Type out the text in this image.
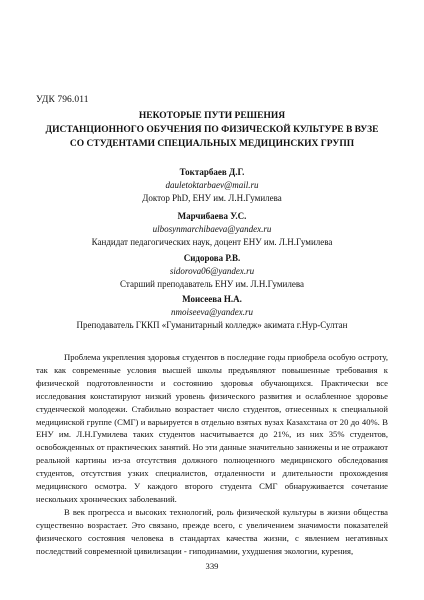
УДК 796.011
НЕКОТОРЫЕ ПУТИ РЕШЕНИЯ
ДИСТАНЦИОННОГО ОБУЧЕНИЯ ПО ФИЗИЧЕСКОЙ КУЛЬТУРЕ В ВУЗЕ
СО СТУДЕНТАМИ СПЕЦИАЛЬНЫХ МЕДИЦИНСКИХ ГРУПП
Токтарбаев Д.Г.
dauletoktarbaev@mail.ru
Доктор PhD, ЕНУ им. Л.Н.Гумилева
Марчибаева У.С.
ulbosynmarchibaeva@yandex.ru
Кандидат педагогических наук, доцент ЕНУ им. Л.Н.Гумилева
Сидорова Р.В.
sidorova06@yandex.ru
Старший преподаватель ЕНУ им. Л.Н.Гумилева
Моисеева Н.А.
nmoiseeva@yandex.ru
Преподаватель ГККП «Гуманитарный колледж» акимата г.Нур-Султан

Проблема укрепления здоровья студентов в последние годы приобрела особую остроту, так как современные условия высшей школы предъявляют повышенные требования к физической подготовленности и состоянию здоровья обучающихся. Практически все исследования констатируют низкий уровень физического развития и ослабленное здоровье студенческой молодежи. Стабильно возрастает число студентов, отнесенных к специальной медицинской группе (СМГ) и варьируется в отдельно взятых вузах Казахстана от 20 до 40%. В ЕНУ им. Л.Н.Гумилева таких студентов насчитывается до 21%, из них 35% студентов, освобожденных от практических занятий. Но эти данные значительно занижены и не отражают реальной картины из-за отсутствия должного полноценного медицинского обследования студентов, отсутствия узких специалистов, отдаленности и длительности прохождения медицинского осмотра. У каждого второго студента СМГ обнаруживается сочетание нескольких хронических заболеваний.

В век прогресса и высоких технологий, роль физической культуры в жизни общества существенно возрастает. Это связано, прежде всего, с увеличением значимости показателей физического состояния человека в стандартах качества жизни, с явлением негативных последствий современной цивилизации - гиподинамии, ухудшения экологии, курения,

339
